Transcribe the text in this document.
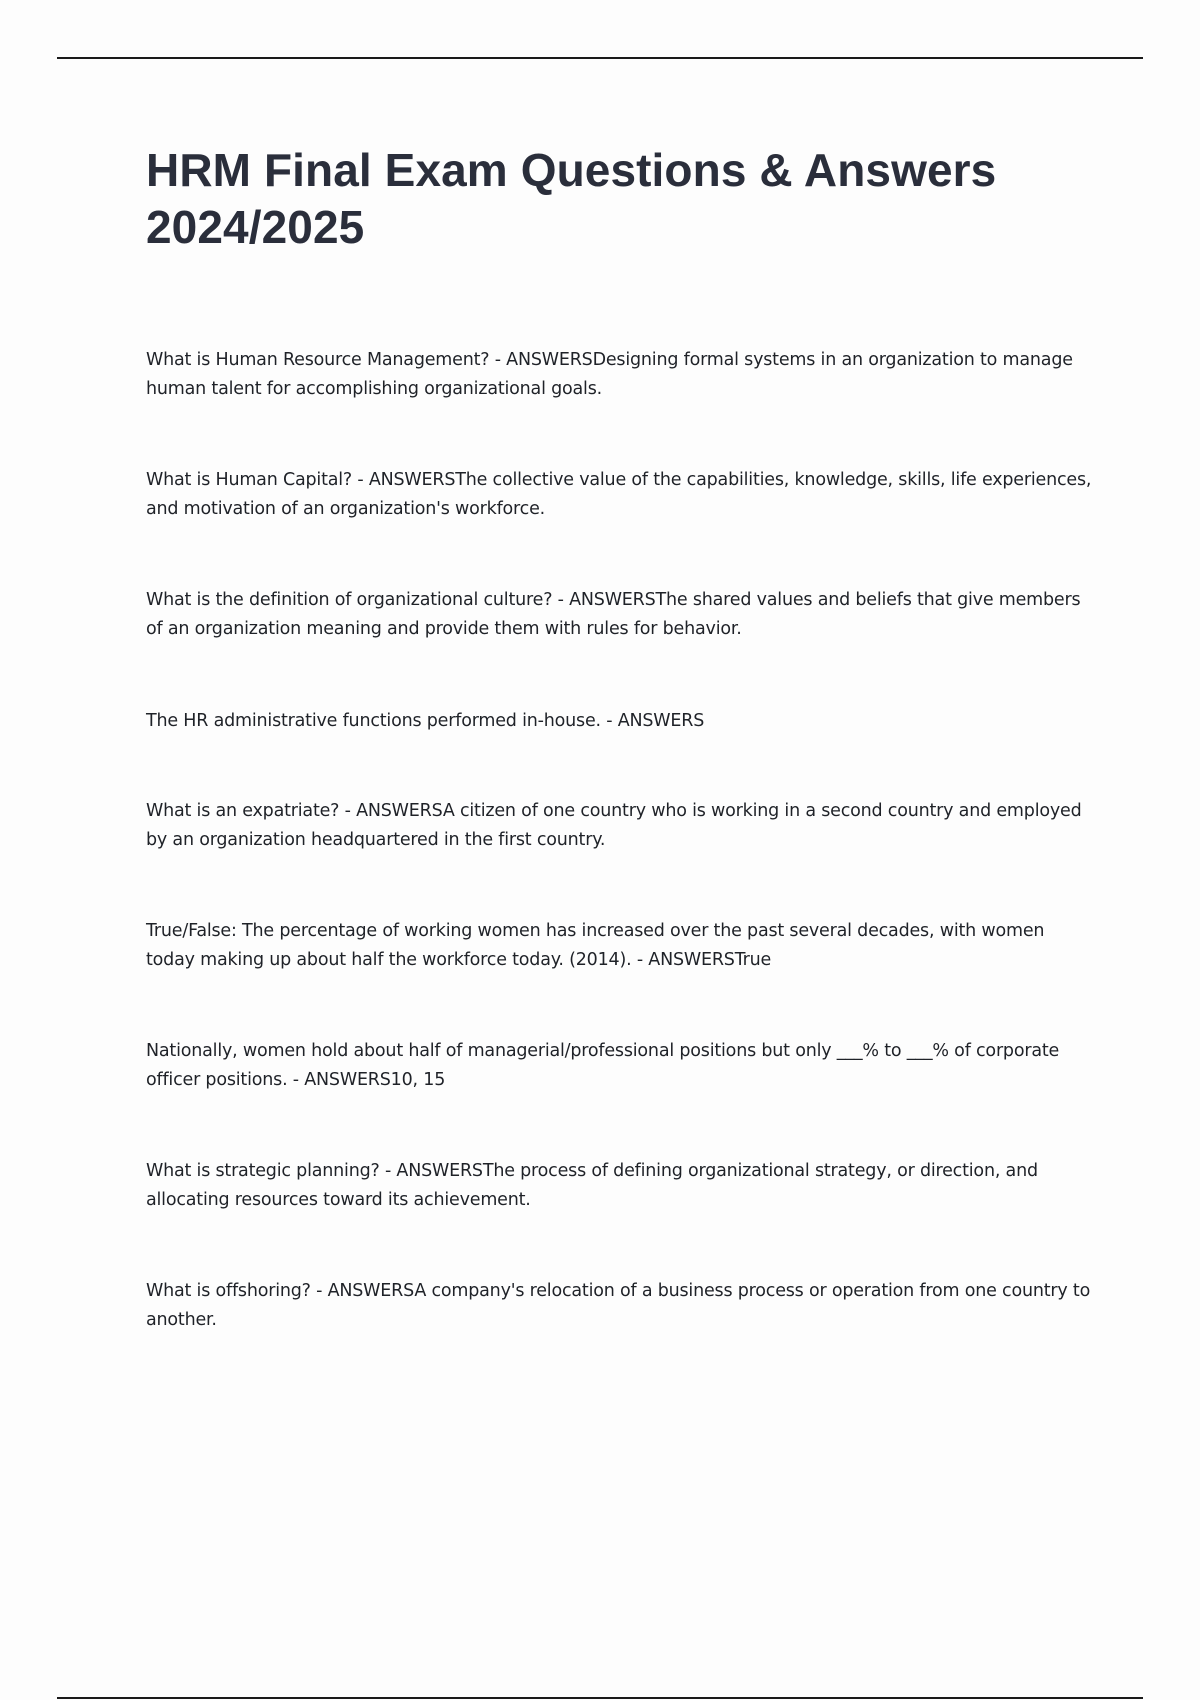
HRM Final Exam Questions & Answers 2024/2025
What is Human Resource Management? - ANSWERSDesigning formal systems in an organization to manage human talent for accomplishing organizational goals.
What is Human Capital? - ANSWERSThe collective value of the capabilities, knowledge, skills, life experiences, and motivation of an organization's workforce.
What is the definition of organizational culture? - ANSWERSThe shared values and beliefs that give members of an organization meaning and provide them with rules for behavior.
The HR administrative functions performed in-house. - ANSWERS
What is an expatriate? - ANSWERSA citizen of one country who is working in a second country and employed by an organization headquartered in the first country.
True/False: The percentage of working women has increased over the past several decades, with women today making up about half the workforce today. (2014). - ANSWERSTrue
Nationally, women hold about half of managerial/professional positions but only ___% to ___% of corporate officer positions. - ANSWERS10, 15
What is strategic planning? - ANSWERSThe process of defining organizational strategy, or direction, and allocating resources toward its achievement.
What is offshoring? - ANSWERSA company's relocation of a business process or operation from one country to another.
